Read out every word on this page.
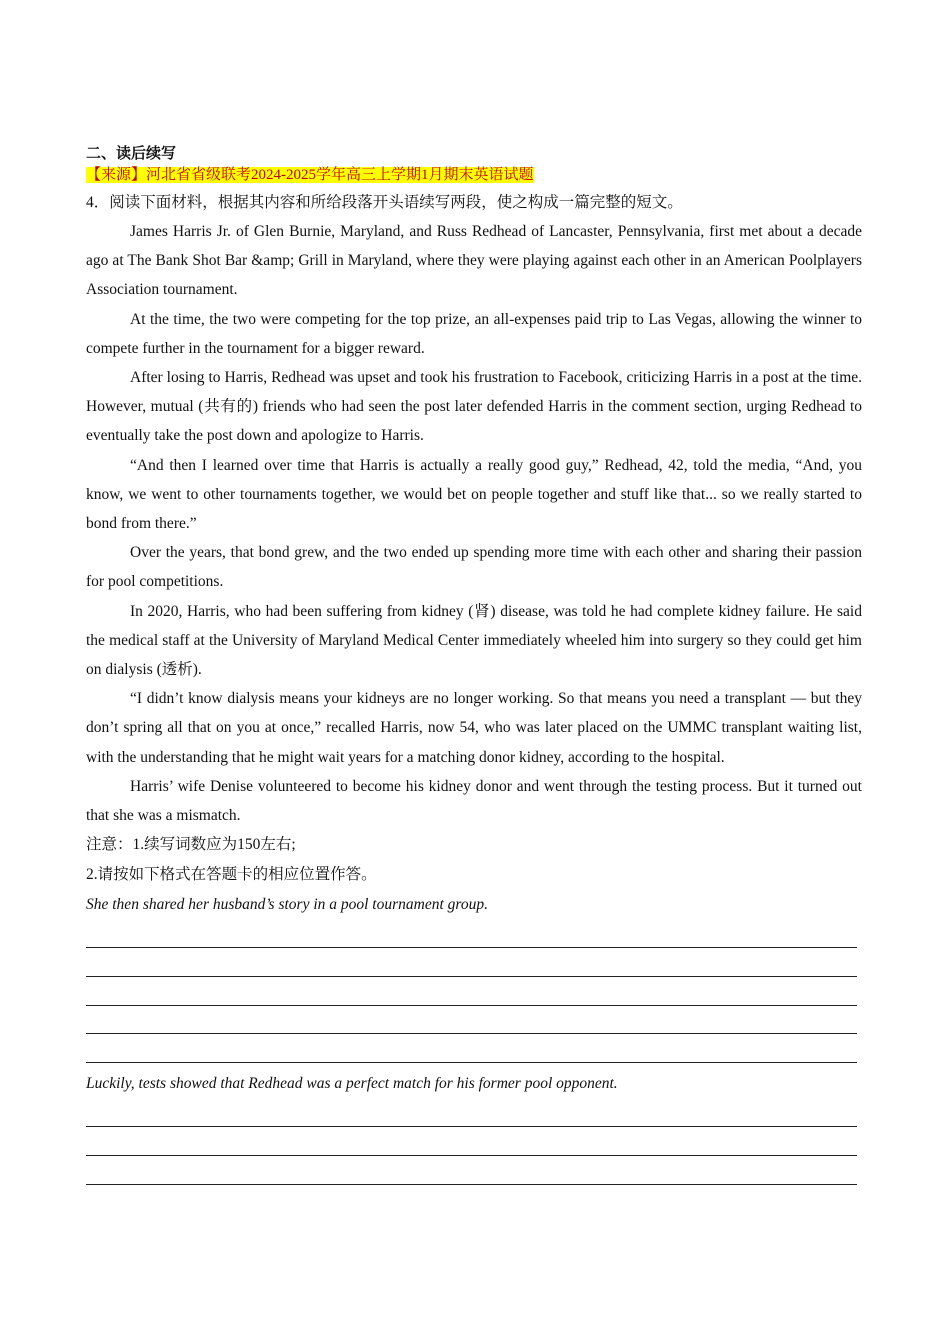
二、读后续写
【来源】河北省省级联考2024-2025学年高三上学期1月期末英语试题
4．阅读下面材料，根据其内容和所给段落开头语续写两段，使之构成一篇完整的短文。

James Harris Jr. of Glen Burnie, Maryland, and Russ Redhead of Lancaster, Pennsylvania, first met about a decade ago at The Bank Shot Bar &amp; Grill in Maryland, where they were playing against each other in an American Poolplayers Association tournament.

At the time, the two were competing for the top prize, an all-expenses paid trip to Las Vegas, allowing the winner to compete further in the tournament for a bigger reward.

After losing to Harris, Redhead was upset and took his frustration to Facebook, criticizing Harris in a post at the time. However, mutual (共有的) friends who had seen the post later defended Harris in the comment section, urging Redhead to eventually take the post down and apologize to Harris.

“And then I learned over time that Harris is actually a really good guy,” Redhead, 42, told the media, “And, you know, we went to other tournaments together, we would bet on people together and stuff like that... so we really started to bond from there.”

Over the years, that bond grew, and the two ended up spending more time with each other and sharing their passion for pool competitions.

In 2020, Harris, who had been suffering from kidney (肾) disease, was told he had complete kidney failure. He said the medical staff at the University of Maryland Medical Center immediately wheeled him into surgery so they could get him on dialysis (透析).

“I didn’t know dialysis means your kidneys are no longer working. So that means you need a transplant — but they don’t spring all that on you at once,” recalled Harris, now 54, who was later placed on the UMMC transplant waiting list, with the understanding that he might wait years for a matching donor kidney, according to the hospital.

Harris’ wife Denise volunteered to become his kidney donor and went through the testing process. But it turned out that she was a mismatch.

注意：1.续写词数应为150左右;
2.请按如下格式在答题卡的相应位置作答。
She then shared her husband’s story in a pool tournament group.
Luckily, tests showed that Redhead was a perfect match for his former pool opponent.
